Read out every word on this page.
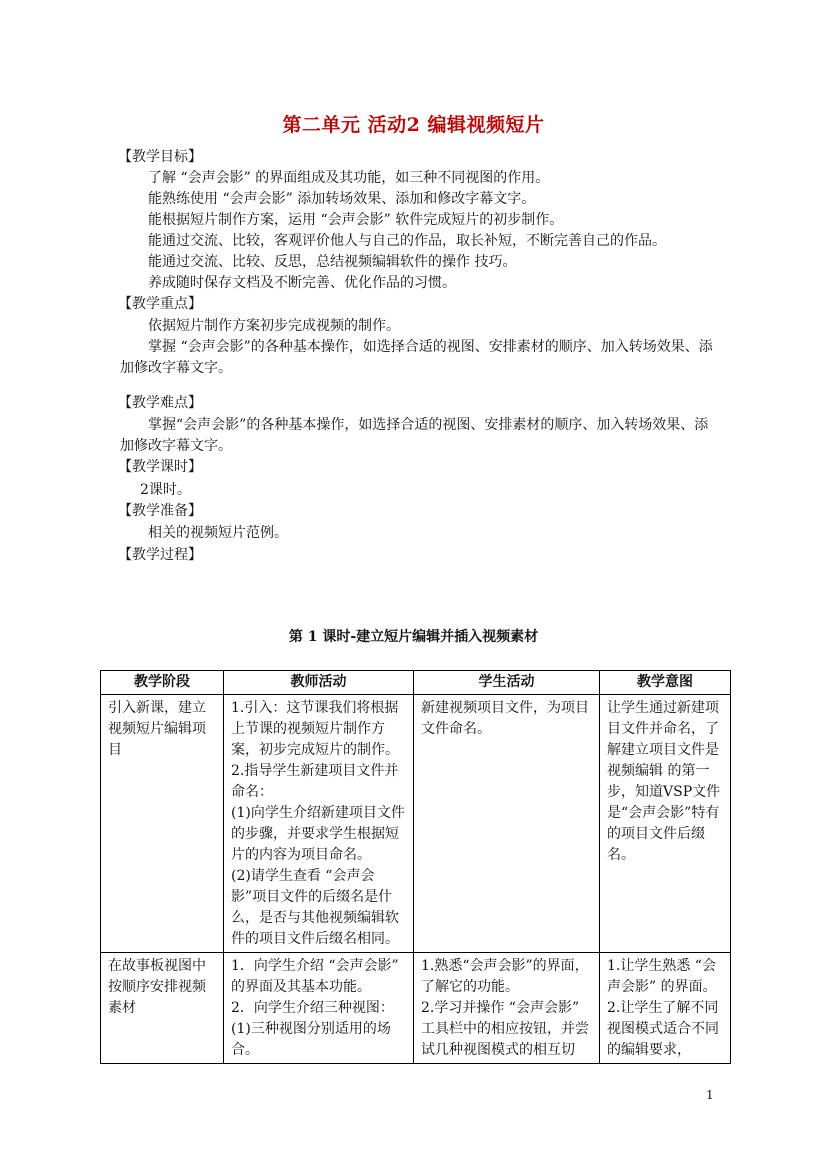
第二单元 活动2 编辑视频短片
【教学目标】

了解 “会声会影” 的界面组成及其功能，如三种不同视图的作用。

能熟练使用 “会声会影” 添加转场效果、添加和修改字幕文字。

能根据短片制作方案，运用 “会声会影” 软件完成短片的初步制作。

能通过交流、比较，客观评价他人与自己的作品，取长补短，不断完善自己的作品。

能通过交流、比较、反思，总结视频编辑软件的操作 技巧。

养成随时保存文档及不断完善、优化作品的习惯。

【教学重点】

依据短片制作方案初步完成视频的制作。

掌握 “会声会影”的各种基本操作，如选择合适的视图、安排素材的顺序、加入转场效果、添加修改字幕文字。

【教学难点】

掌握“会声会影”的各种基本操作，如选择合适的视图、安排素材的顺序、加入转场效果、添加修改字幕文字。

【教学课时】

2课时。

【教学准备】

相关的视频短片范例。

【教学过程】
第 1 课时-建立短片编辑并插入视频素材
教学阶段	教师活动	学生活动	教学意图
引入新课，建立视频短片编辑项目	1.引入：这节课我们将根据上节课的视频短片制作方案，初步完成短片的制作。
2.指导学生新建项目文件并命名：
(1)向学生介绍新建项目文件的步骤，并要求学生根据短片的内容为项目命名。
(2)请学生查看 “会声会影”项目文件的后缀名是什么，是否与其他视频编辑软件的项目文件后缀名相同。	新建视频项目文件，为项目文件命名。	让学生通过新建项目文件并命名，了解建立项目文件是视频编辑 的第一步，知道VSP文件是“会声会影”特有的项目文件后缀名。

在故事板视图中按顺序安排视频素材	1．向学生介绍 “会声会影” 的界面及其基本功能。
2．向学生介绍三种视图：
(1)三种视图分别适用的场合。	1.熟悉“会声会影”的界面，了解它的功能。
2.学习并操作 “会声会影” 工具栏中的相应按钮，并尝试几种视图模式的相互切	1.让学生熟悉 “会声会影” 的界面。
2.让学生了解不同视图模式适合不同的编辑要求，
1
